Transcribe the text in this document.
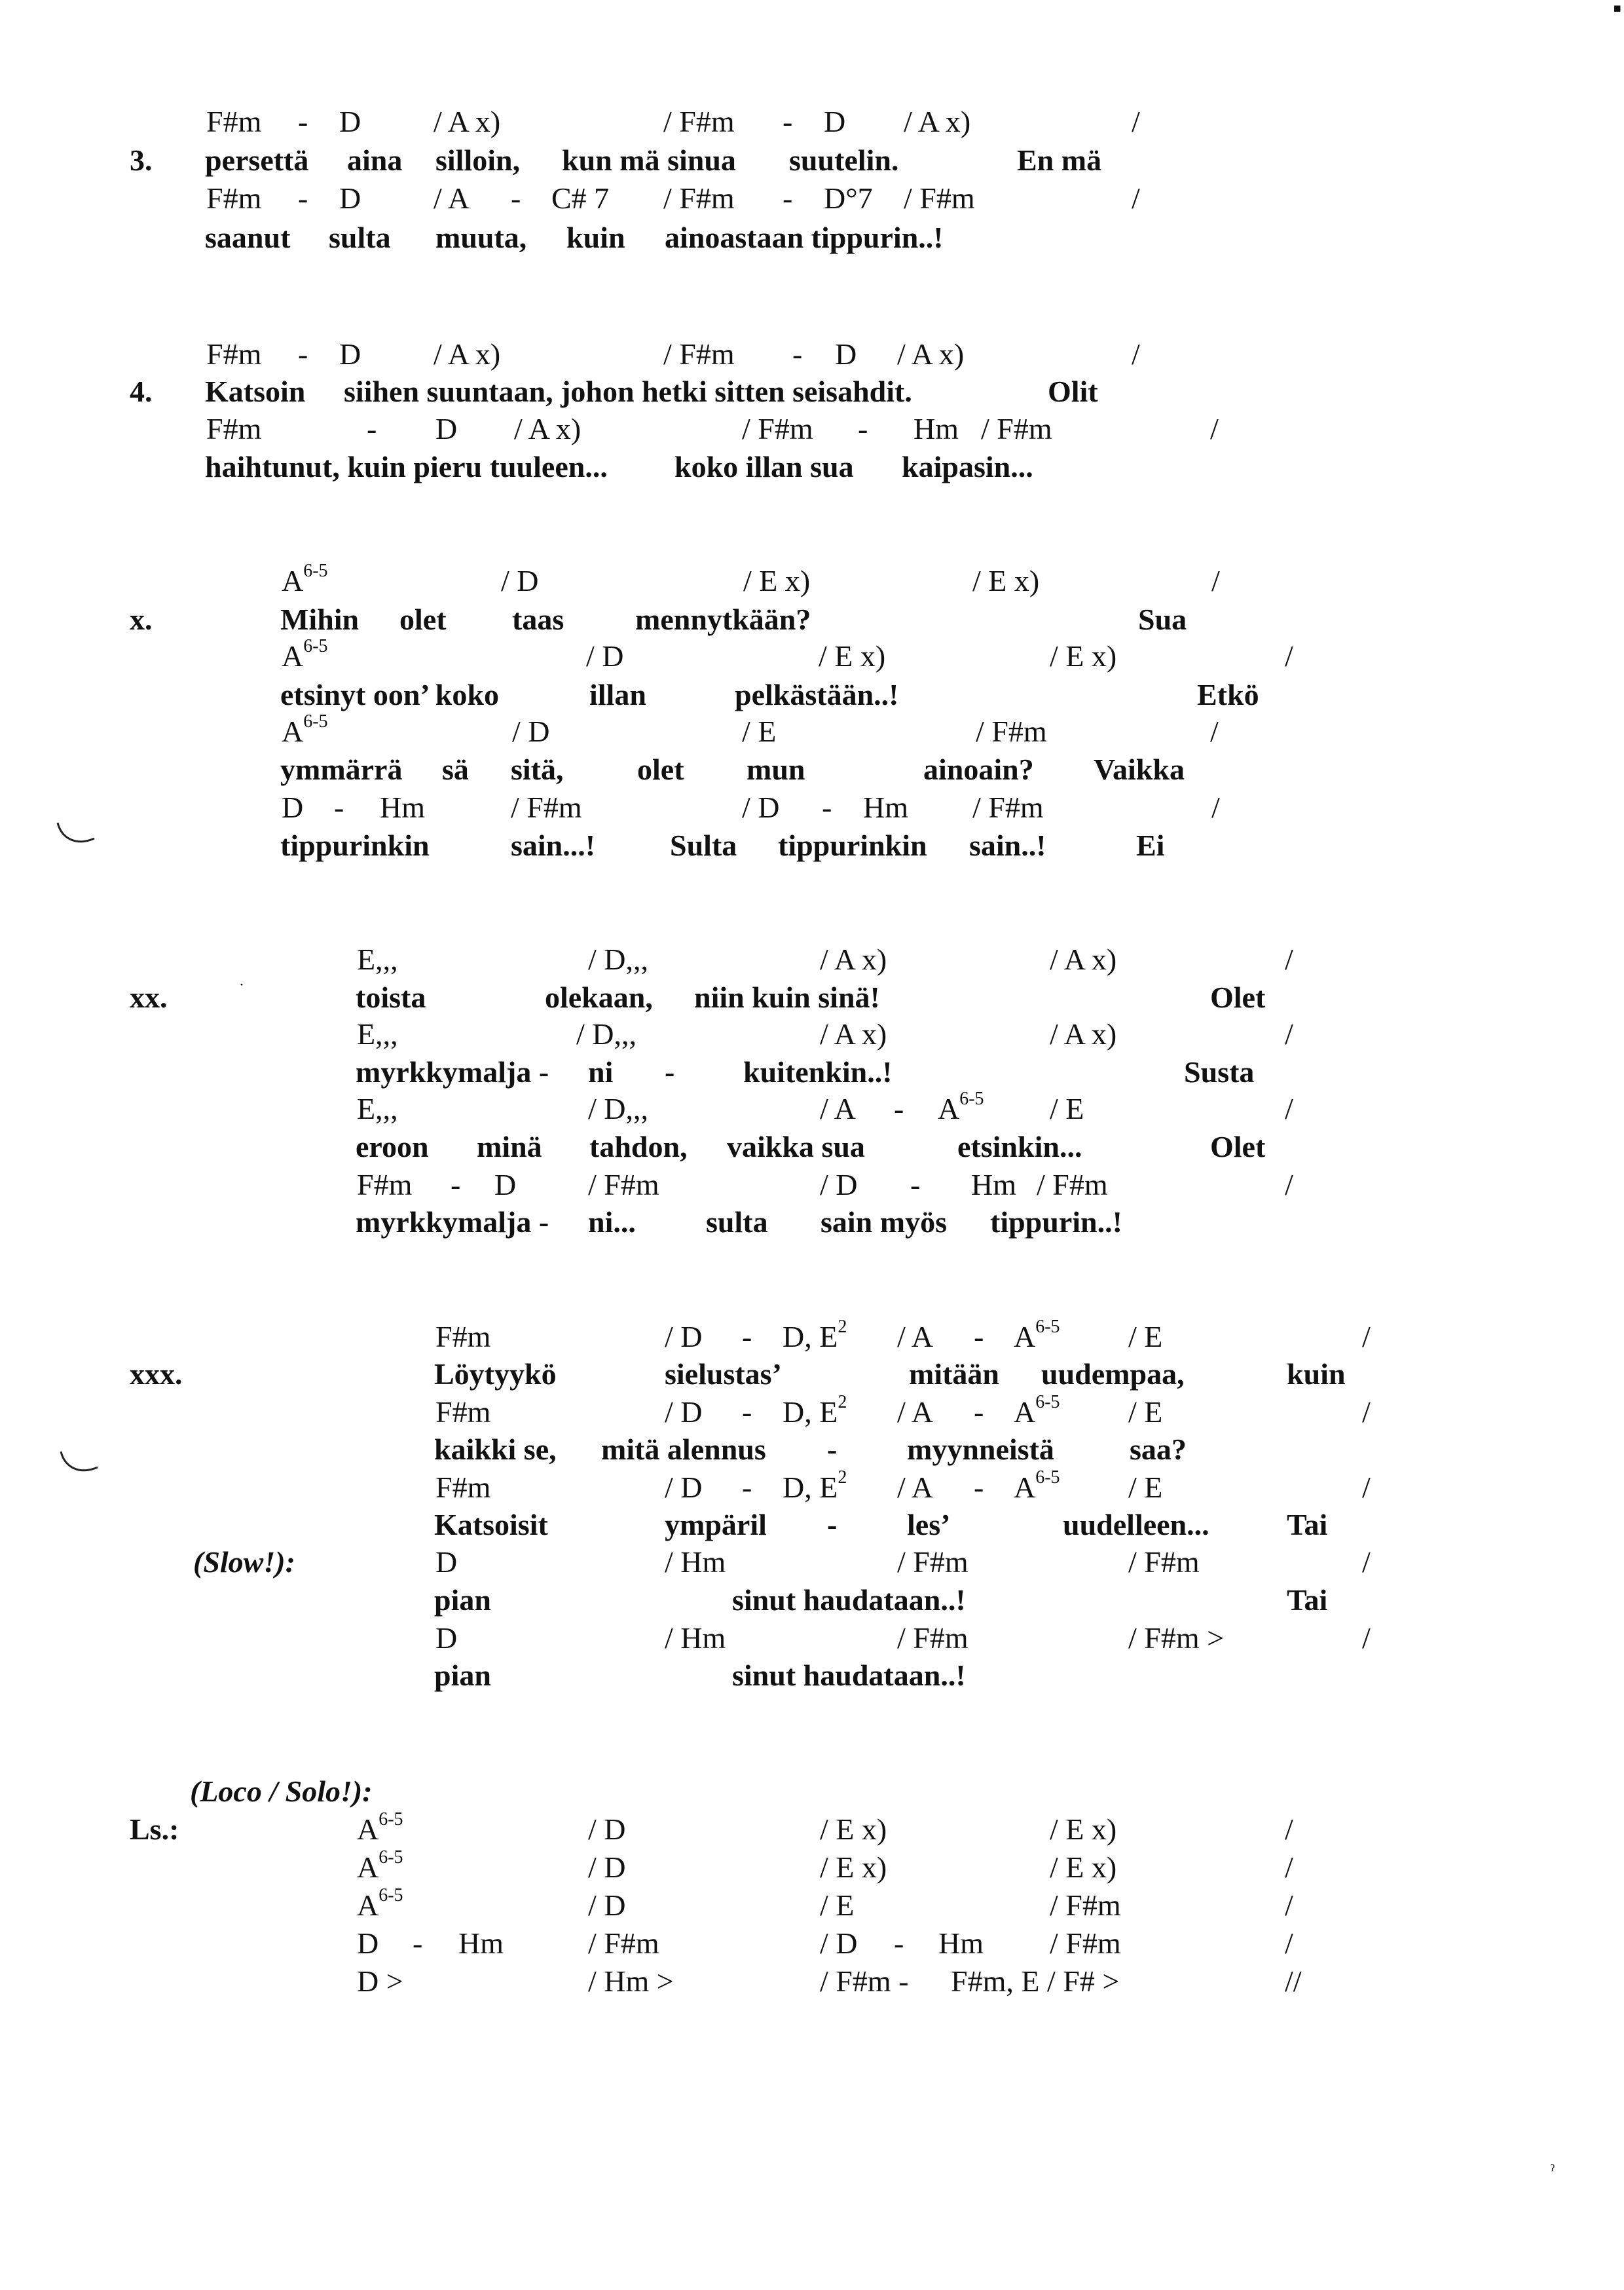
▪
3.
F#m - D / A x)	/ F#m - D / A x)	/
persettä aina silloin, kun mä sinua suutelin.	En mä
F#m - D / A - C# 7 / F#m - D°7 / F#m	/
saanut sulta muuta, kuin ainoastaan tippurin..!
4.
F#m - D / A x)	/ F#m - D / A x)	/
Katsoin siihen suuntaan, johon hetki sitten seisahdit.	Olit
F#m	- D / A x)	/ F#m - Hm / F#m	/
haihtunut, kuin pieru tuuleen... koko illan sua kaipasin...
x.
$A^{6-5}$	/ D	/ E x)	/ E x)	/
Mihin olet taas mennytkään?	Sua
$A^{6-5}$	/ D	/ E x)	/ E x)	/
etsinyt oon’ koko	illan	pelkästään..!	Etkö
$A^{6-5}$	/ D	/ E	/ F#m	/
ymmärrä sä sitä, olet mun	ainoain? Vaikka
D - Hm	/ F#m	/ D - Hm / F#m	/
tippurinkin	sain...! Sulta tippurinkin sain..!	Ei
xx.	·
E,,,	/ D,,,	/ A x)	/ A x)	/
toista	olekaan, niin kuin sinä!	Olet
E,,,	/ D,,,	/ A x)	/ A x)	/
myrkkymalja - ni - kuitenkin..!	Susta
E,,,	/ D,,,	/ A - $A^{6-5}$ / E	/
eroon minä tahdon, vaikka sua	etsinkin...	Olet
F#m - D / F#m	/ D - Hm / F#m	/
myrkkymalja - ni... sulta sain myös tippurin..!
xxx.
F#m	/ D - D, $E^2$ / A - $A^{6-5}$ / E	/
Löytyykö	sielustas’	mitään uudempaa,	kuin
F#m	/ D - D, $E^2$ / A - $A^{6-5}$ / E	/
kaikki se, mitä alennus - myynneistä	saa?
F#m	/ D - D, $E^2$ / A - $A^{6-5}$ / E	/
Katsoisit	ympäril - les’	uudelleen...	Tai
(Slow!):	D	/ Hm	/ F#m	/ F#m	/
pian	sinut haudataan..!	Tai
D	/ Hm	/ F#m	/ F#m >	/
pian	sinut haudataan..!
(Loco / Solo!):
Ls.:	$A^{6-5}$	/ D	/ E x)	/ E x)	/
$A^{6-5}$	/ D	/ E x)	/ E x)	/
$A^{6-5}$	/ D	/ E	/ F#m	/
D - Hm	/ F#m	/ D - Hm / F#m	/
D >	/ Hm >	/ F#m - F#m, E / F# >	//
ˀ
